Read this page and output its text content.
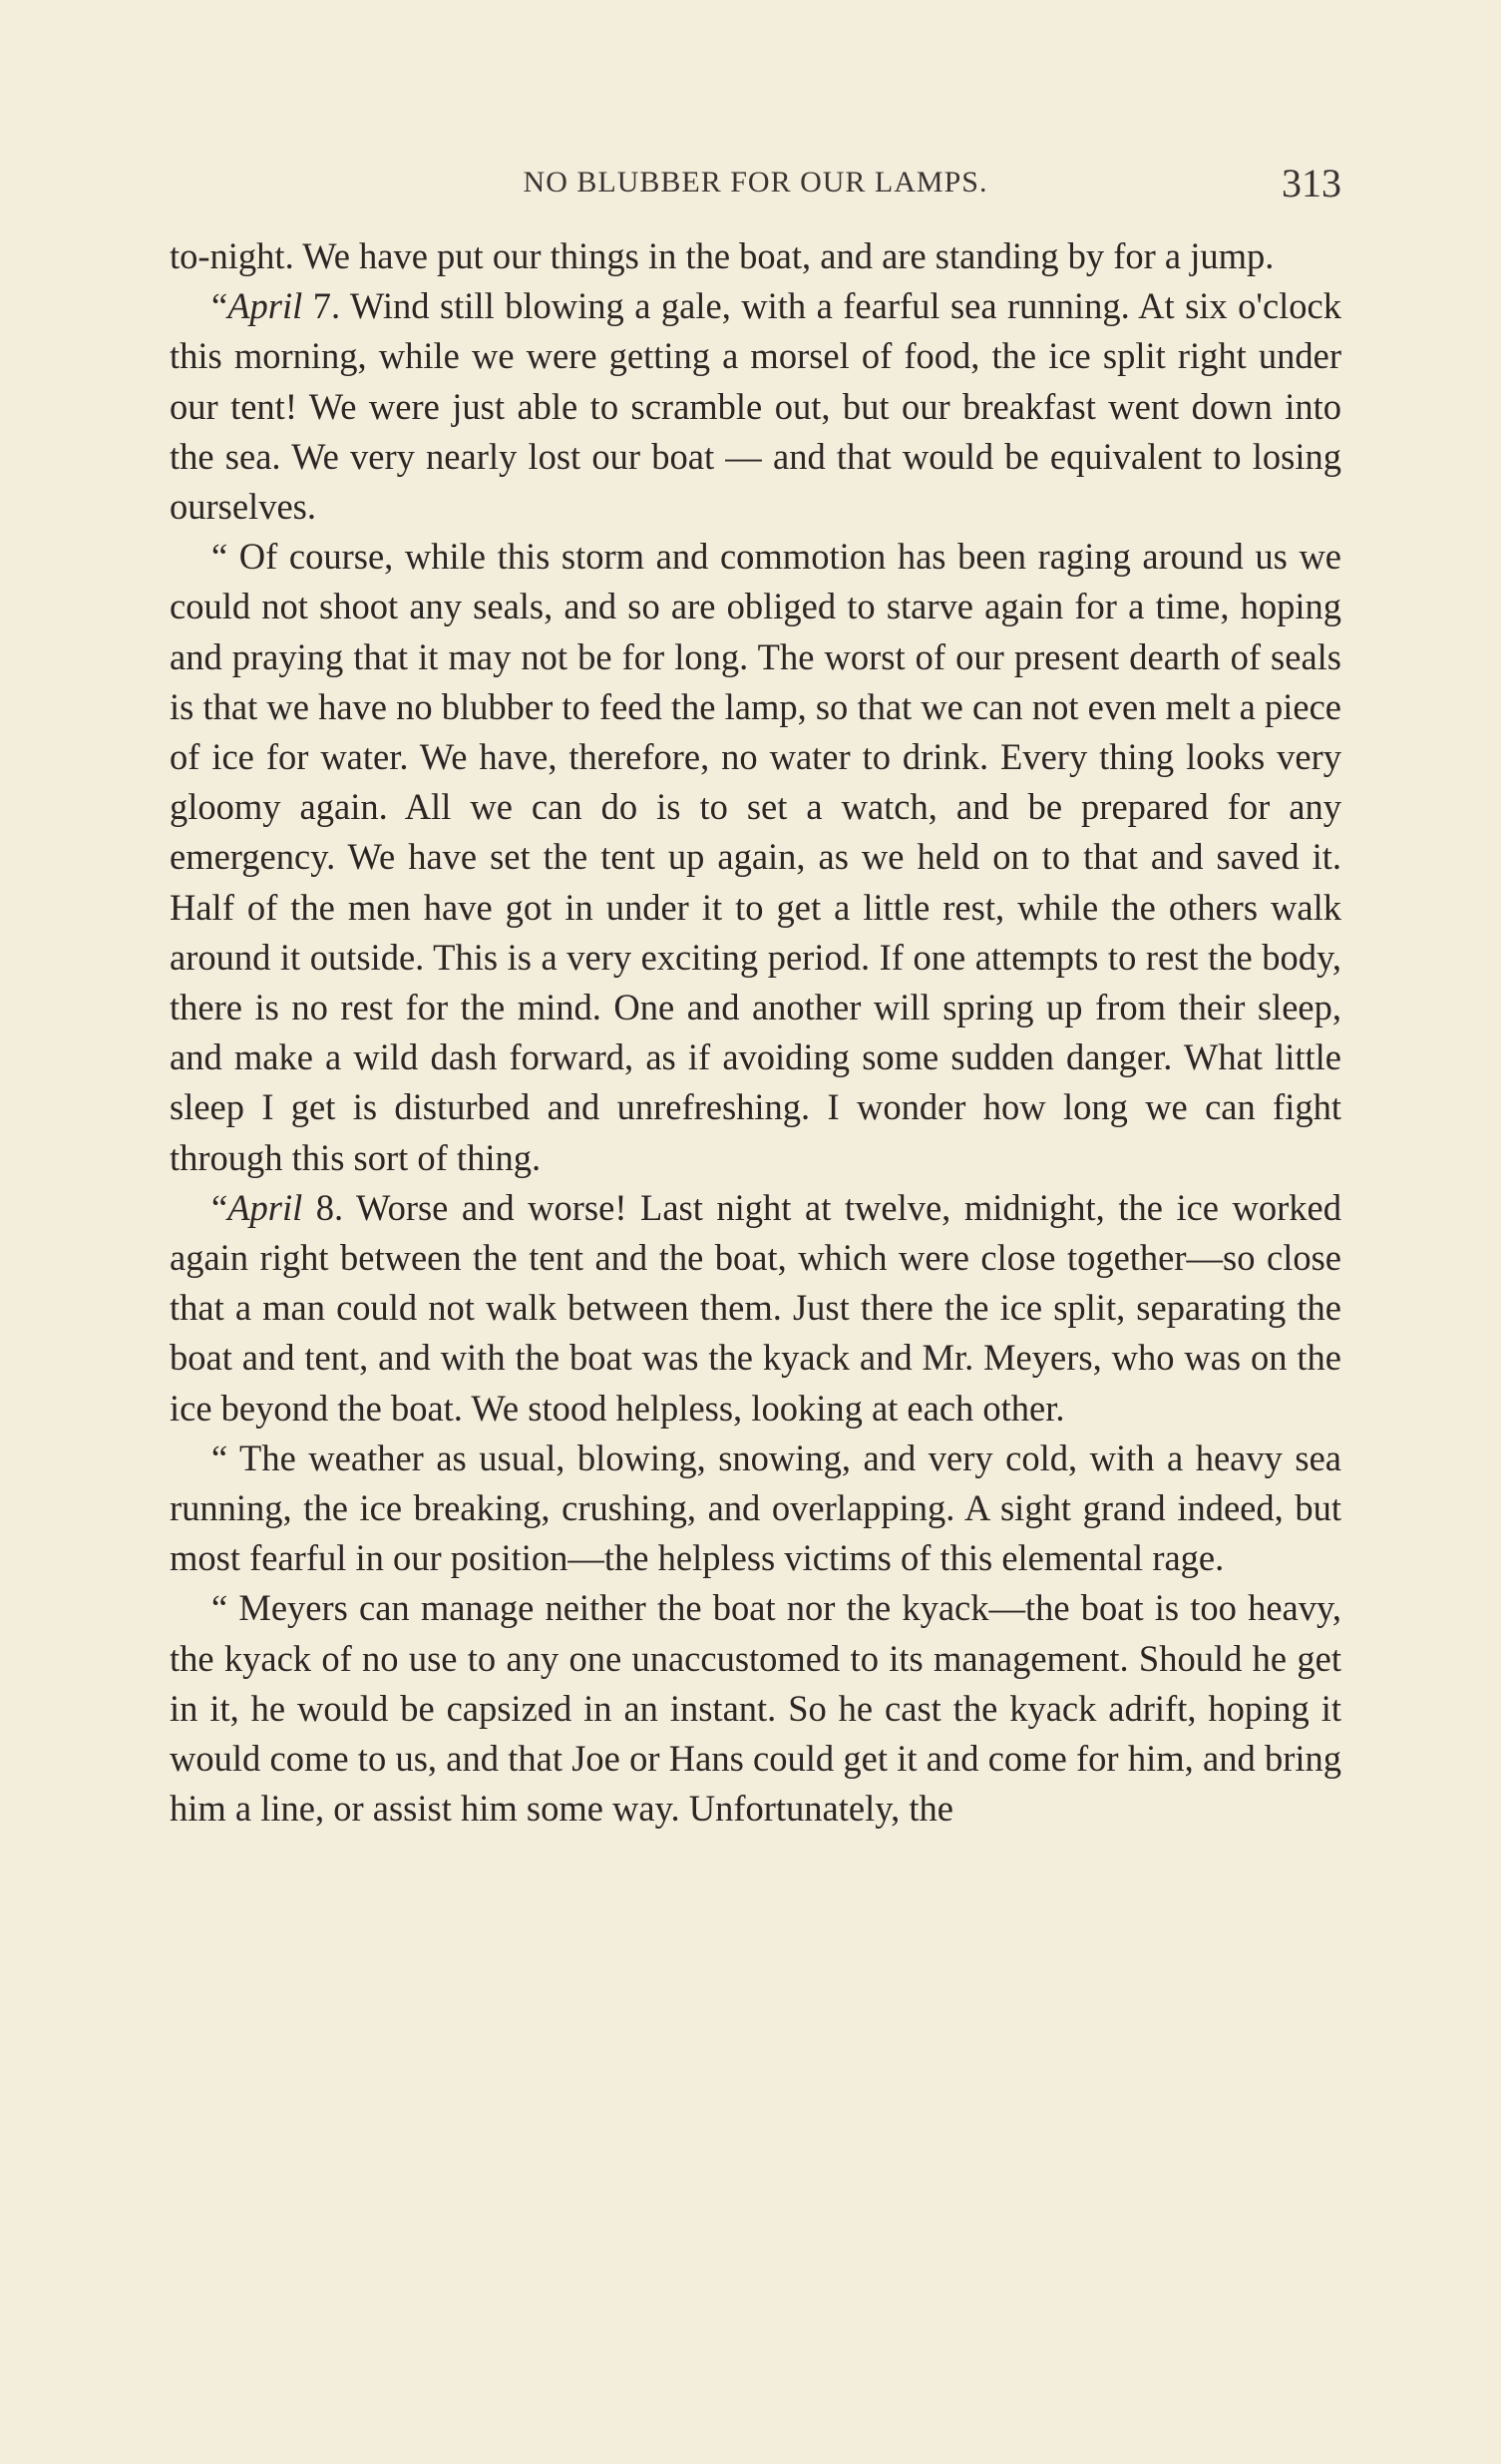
NO BLUBBER FOR OUR LAMPS.	313

to-night. We have put our things in the boat, and are standing by for a jump.

“April 7. Wind still blowing a gale, with a fearful sea running. At six o'clock this morning, while we were getting a morsel of food, the ice split right under our tent! We were just able to scramble out, but our breakfast went down into the sea. We very nearly lost our boat — and that would be equivalent to losing ourselves.

“ Of course, while this storm and commotion has been raging around us we could not shoot any seals, and so are obliged to starve again for a time, hoping and praying that it may not be for long. The worst of our present dearth of seals is that we have no blubber to feed the lamp, so that we can not even melt a piece of ice for water. We have, therefore, no water to drink. Every thing looks very gloomy again. All we can do is to set a watch, and be prepared for any emergency. We have set the tent up again, as we held on to that and saved it. Half of the men have got in under it to get a little rest, while the others walk around it outside. This is a very exciting period. If one attempts to rest the body, there is no rest for the mind. One and another will spring up from their sleep, and make a wild dash forward, as if avoiding some sudden danger. What little sleep I get is disturbed and unrefreshing. I wonder how long we can fight through this sort of thing.

“April 8. Worse and worse! Last night at twelve, midnight, the ice worked again right between the tent and the boat, which were close together—so close that a man could not walk between them. Just there the ice split, separating the boat and tent, and with the boat was the kyack and Mr. Meyers, who was on the ice beyond the boat. We stood helpless, looking at each other.

“ The weather as usual, blowing, snowing, and very cold, with a heavy sea running, the ice breaking, crushing, and overlapping. A sight grand indeed, but most fearful in our position—the helpless victims of this elemental rage.

“ Meyers can manage neither the boat nor the kyack—the boat is too heavy, the kyack of no use to any one unaccustomed to its management. Should he get in it, he would be capsized in an instant. So he cast the kyack adrift, hoping it would come to us, and that Joe or Hans could get it and come for him, and bring him a line, or assist him some way. Unfortunately, the
